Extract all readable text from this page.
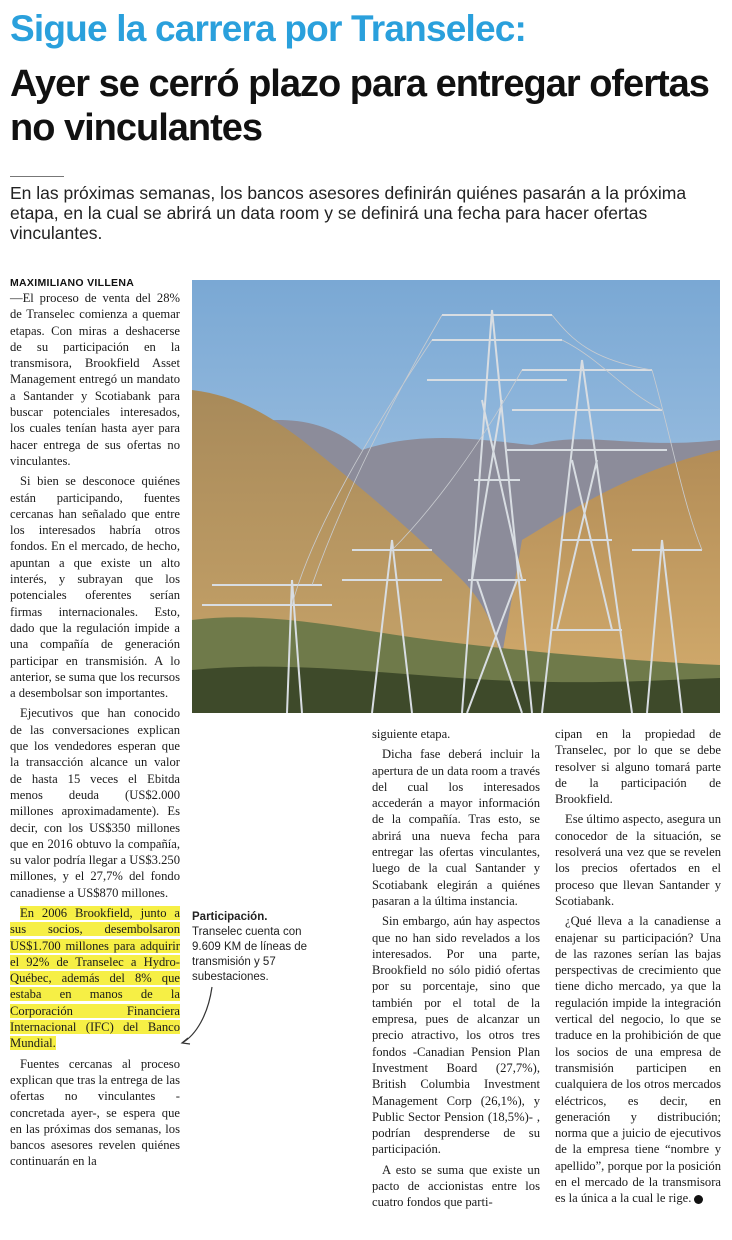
Sigue la carrera por Transelec:
Ayer se cerró plazo para entregar ofertas no vinculantes
En las próximas semanas, los bancos asesores definirán quiénes pasarán a la próxima etapa, en la cual se abrirá un data room y se definirá una fecha para hacer ofertas vinculantes.
MAXIMILIANO VILLENA

—El proceso de venta del 28% de Transelec comienza a quemar etapas. Con miras a deshacerse de su participación en la transmisora, Brookfield Asset Management entregó un mandato a Santander y Scotiabank para buscar potenciales interesados, los cuales tenían hasta ayer para hacer entrega de sus ofertas no vinculantes.

Si bien se desconoce quiénes están participando, fuentes cercanas han señalado que entre los interesados habría otros fondos. En el mercado, de hecho, apuntan a que existe un alto interés, y subrayan que los potenciales oferentes serían firmas internacionales. Esto, dado que la regulación impide a una compañía de generación participar en transmisión. A lo anterior, se suma que los recursos a desembolsar son importantes.

Ejecutivos que han conocido de las conversaciones explican que los vendedores esperan que la transacción alcance un valor de hasta 15 veces el Ebitda menos deuda (US$2.000 millones aproximadamente). Es decir, con los US$350 millones que en 2016 obtuvo la compañía, su valor podría llegar a US$3.250 millones, y el 27,7% del fondo canadiense a US$870 millones.

En 2006 Brookfield, junto a sus socios, desembolsaron US$1.700 millones para adquirir el 92% de Transelec a Hydro-Québec, además del 8% que estaba en manos de la Corporación Financiera Internacional (IFC) del Banco Mundial.

Fuentes cercanas al proceso explican que tras la entrega de las ofertas no vinculantes -concretada ayer-, se espera que en las próximas dos semanas, los bancos asesores revelen quiénes continuarán en la

Participación.
Transelec cuenta con 9.609 KM de líneas de transmisión y 57 subestaciones.

siguiente etapa.

Dicha fase deberá incluir la apertura de un data room a través del cual los interesados accederán a mayor información de la compañía. Tras esto, se abrirá una nueva fecha para entregar las ofertas vinculantes, luego de la cual Santander y Scotiabank elegirán a quiénes pasaran a la última instancia.

Sin embargo, aún hay aspectos que no han sido revelados a los interesados. Por una parte, Brookfield no sólo pidió ofertas por su porcentaje, sino que también por el total de la empresa, pues de alcanzar un precio atractivo, los otros tres fondos -Canadian Pension Plan Investment Board (27,7%), British Columbia Investment Management Corp (26,1%), y Public Sector Pension (18,5%)- , podrían desprenderse de su participación.

A esto se suma que existe un pacto de accionistas entre los cuatro fondos que parti-

cipan en la propiedad de Transelec, por lo que se debe resolver si alguno tomará parte de la participación de Brookfield.

Ese último aspecto, asegura un conocedor de la situación, se resolverá una vez que se revelen los precios ofertados en el proceso que llevan Santander y Scotiabank.

¿Qué lleva a la canadiense a enajenar su participación? Una de las razones serían las bajas perspectivas de crecimiento que tiene dicho mercado, ya que la regulación impide la integración vertical del negocio, lo que se traduce en la prohibición de que los socios de una empresa de transmisión participen en cualquiera de los otros mercados eléctricos, es decir, en generación y distribución; norma que a juicio de ejecutivos de la empresa tiene “nombre y apellido”, porque por la posición en el mercado de la transmisora es la única a la cual le rige.
